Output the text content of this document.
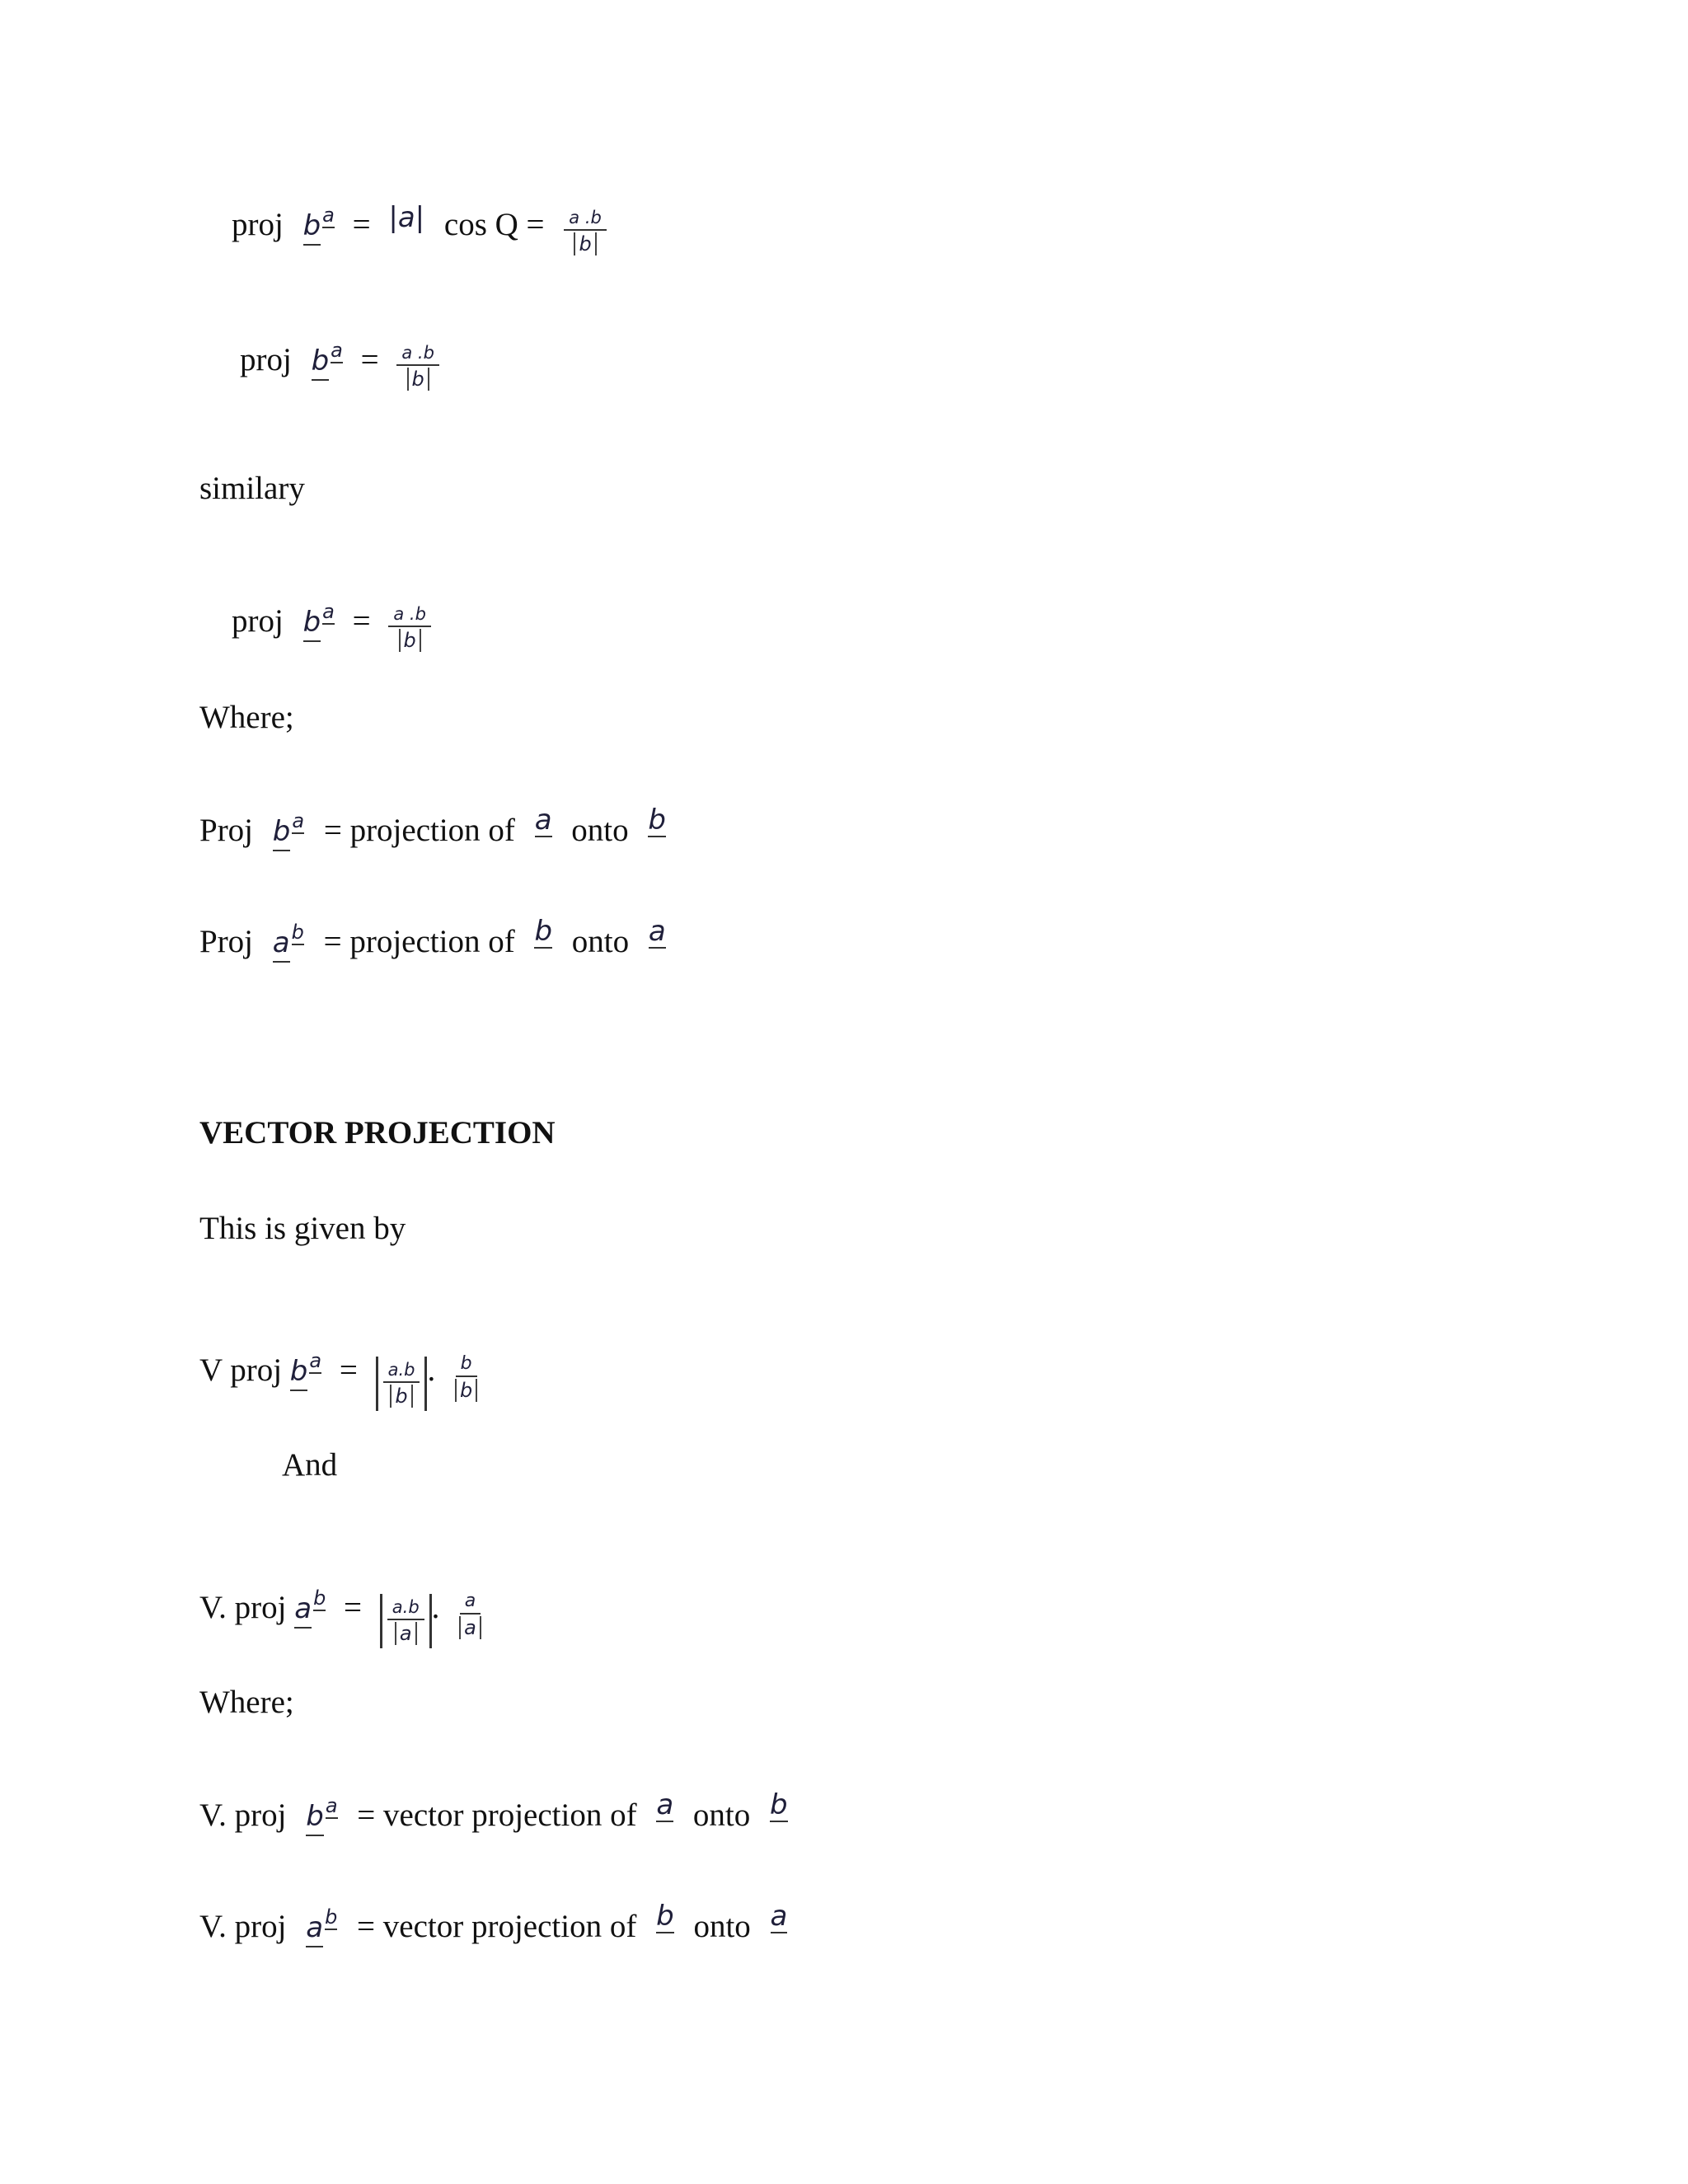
proj $b^a = |a|$ $\cos Q = \frac{a .b}{b}$
proj $b^a = \frac{a .b}{b}$
similary
proj $b^a = \frac{a .b}{b}$
Where;
Proj $b^a$ = projection of a onto b
Proj $a^b$ = projection of b onto a
VECTOR PROJECTION
This is given by
V proj $b^a = \frac{a.b}{b}$ . $\frac{b}{b}$
And
V. proj $a^b = \frac{a.b}{a}$ . $\frac{a}{a}$
Where;
V. proj $b^a$ = vector projection of a onto b
V. proj $a^b$ = vector projection of b onto a
